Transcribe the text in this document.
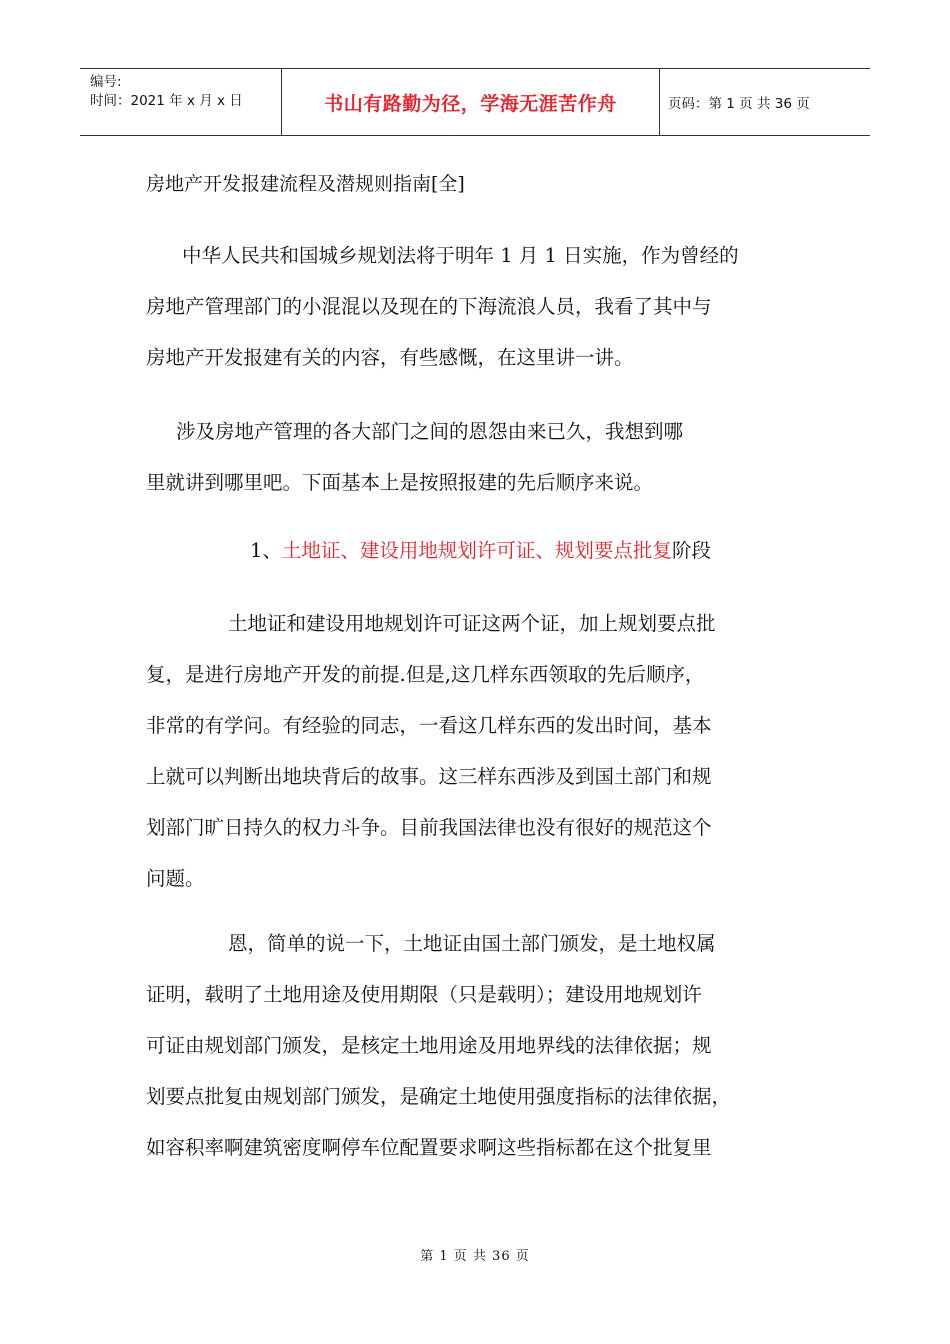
编号:
时间：2021 年 x 月 x 日	书山有路勤为径，学海无涯苦作舟	页码：第 1 页 共 36 页
房地产开发报建流程及潜规则指南[全]
中华人民共和国城乡规划法将于明年 1 月 1 日实施，作为曾经的
房地产管理部门的小混混以及现在的下海流浪人员，我看了其中与
房地产开发报建有关的内容，有些感慨，在这里讲一讲。
涉及房地产管理的各大部门之间的恩怨由来已久，我想到哪
里就讲到哪里吧。下面基本上是按照报建的先后顺序来说。
1、土地证、建设用地规划许可证、规划要点批复阶段
土地证和建设用地规划许可证这两个证，加上规划要点批
复，是进行房地产开发的前提.但是,这几样东西领取的先后顺序，
非常的有学问。有经验的同志，一看这几样东西的发出时间，基本
上就可以判断出地块背后的故事。这三样东西涉及到国土部门和规
划部门旷日持久的权力斗争。目前我国法律也没有很好的规范这个
问题。
恩，简单的说一下，土地证由国土部门颁发，是土地权属
证明，载明了土地用途及使用期限（只是载明）；建设用地规划许
可证由规划部门颁发，是核定土地用途及用地界线的法律依据；规
划要点批复由规划部门颁发，是确定土地使用强度指标的法律依据，
如容积率啊建筑密度啊停车位配置要求啊这些指标都在这个批复里
第 1 页 共 36 页
